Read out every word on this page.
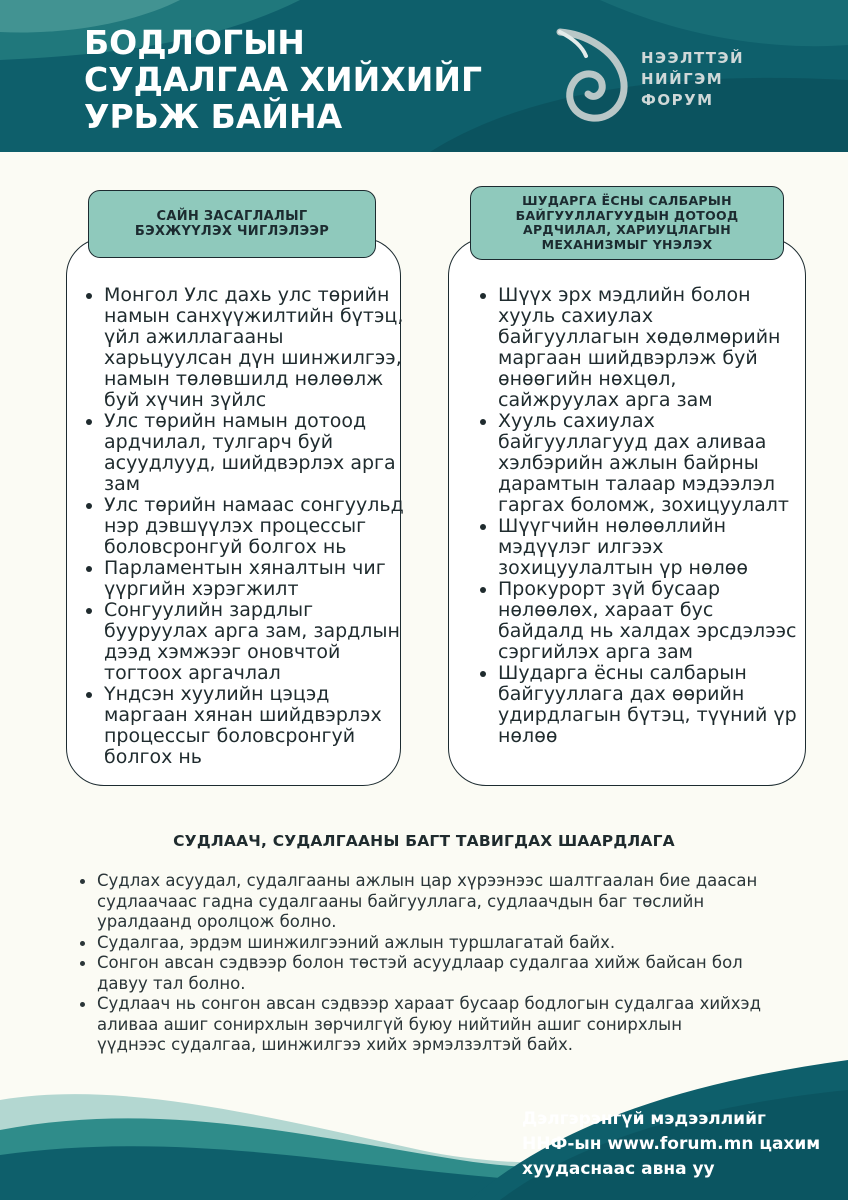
БОДЛОГЫН
СУДАЛГАА ХИЙХИЙГ
УРЬЖ БАЙНА
НЭЭЛТТЭЙ
НИЙГЭМ
ФОРУМ
САЙН ЗАСАГЛАЛЫГ
БЭХЖҮҮЛЭХ ЧИГЛЭЛЭЭР
Монгол Улс дахь улс төрийн
намын санхүүжилтийн бүтэц,
үйл ажиллагааны
харьцуулсан дүн шинжилгээ,
намын төлөвшилд нөлөөлж
буй хүчин зүйлс
Улс төрийн намын дотоод
ардчилал, тулгарч буй
асуудлууд, шийдвэрлэх арга
зам
Улс төрийн намаас сонгуульд
нэр дэвшүүлэх процессыг
боловсронгуй болгох нь
Парламентын хяналтын чиг
үүргийн хэрэгжилт
Сонгуулийн зардлыг
бууруулах арга зам, зардлын
дээд хэмжээг оновчтой
тогтоох аргачлал
Үндсэн хуулийн цэцэд
маргаан хянан шийдвэрлэх
процессыг боловсронгуй
болгох нь
ШУДАРГА ЁСНЫ САЛБАРЫН
БАЙГУУЛЛАГУУДЫН ДОТООД
АРДЧИЛАЛ, ХАРИУЦЛАГЫН
МЕХАНИЗМЫГ ҮНЭЛЭХ
Шүүх эрх мэдлийн болон
хууль сахиулах
байгууллагын хөдөлмөрийн
маргаан шийдвэрлэж буй
өнөөгийн нөхцөл,
сайжруулах арга зам
Хууль сахиулах
байгууллагууд дах аливаа
хэлбэрийн ажлын байрны
дарамтын талаар мэдээлэл
гаргах боломж, зохицуулалт
Шүүгчийн нөлөөллийн
мэдүүлэг илгээх
зохицуулалтын үр нөлөө
Прокурорт зүй бусаар
нөлөөлөх, хараат бус
байдалд нь халдах эрсдэлээс
сэргийлэх арга зам
Шударга ёсны салбарын
байгууллага дах өөрийн
удирдлагын бүтэц, түүний үр
нөлөө
СУДЛААЧ, СУДАЛГААНЫ БАГТ ТАВИГДАХ ШААРДЛАГА
Судлах асуудал, судалгааны ажлын цар хүрээнээс шалтгаалан бие даасан
судлаачаас гадна судалгааны байгууллага, судлаачдын баг төслийн
уралдаанд оролцож болно.
Судалгаа, эрдэм шинжилгээний ажлын туршлагатай байх.
Сонгон авсан сэдвээр болон төстэй асуудлаар судалгаа хийж байсан бол
давуу тал болно.
Судлаач нь сонгон авсан сэдвээр хараат бусаар бодлогын судалгаа хийхэд
аливаа ашиг сонирхлын зөрчилгүй буюу нийтийн ашиг сонирхлын
үүднээс судалгаа, шинжилгээ хийх эрмэлзэлтэй байх.
Дэлгэрэнгүй мэдээллийг
ННФ-ын www.forum.mn цахим
хуудаснаас авна уу
